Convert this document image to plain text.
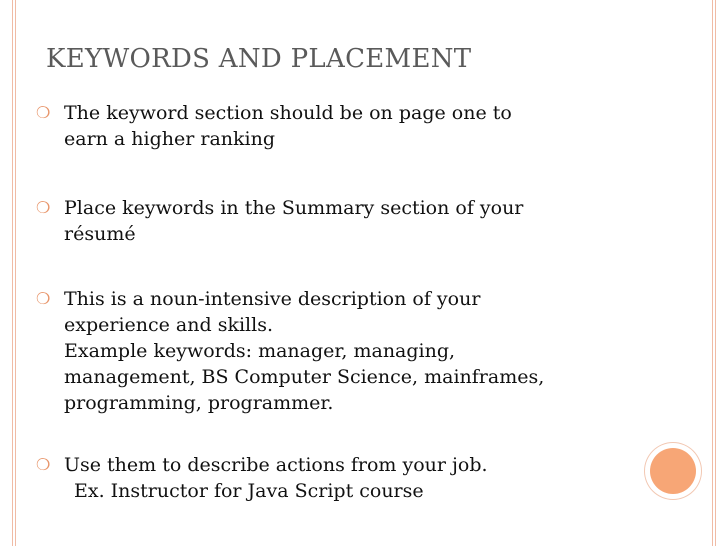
KEYWORDS AND PLACEMENT
❍ The keyword section should be on page one to
earn a higher ranking
❍ Place keywords in the Summary section of your
résumé
❍ This is a noun-intensive description of your
experience and skills.
Example keywords: manager, managing,
management, BS Computer Science, mainframes,
programming, programmer.
❍ Use them to describe actions from your job.
Ex. Instructor for Java Script course
